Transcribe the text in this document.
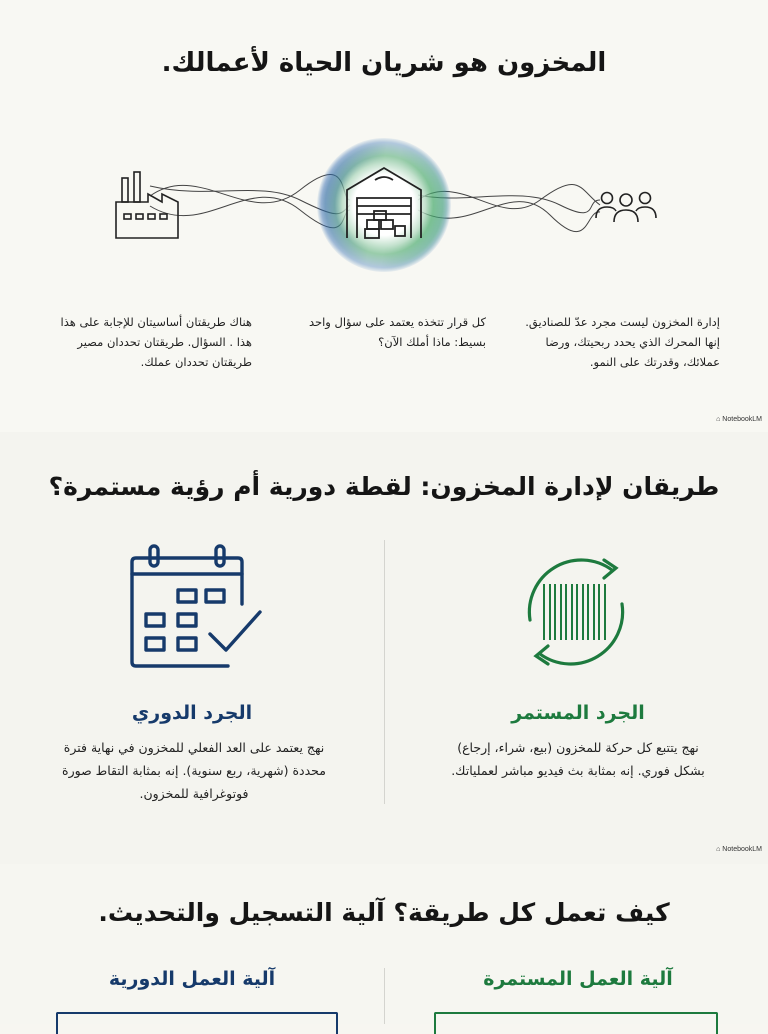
المخزون هو شريان الحياة لأعمالك.
إدارة المخزون ليست مجرد عدّ للصناديق. إنها المحرك الذي يحدد ربحيتك، ورضا عملائك، وقدرتك على النمو.
كل قرار تتخذه يعتمد على سؤال واحد بسيط: ماذا أملك الآن؟
هناك طريقتان أساسيتان للإجابة على هذا هذا . السؤال. طريقتان تحددان مصير طريقتان تحددان عملك.
⌂ NotebookLM
طريقان لإدارة المخزون: لقطة دورية أم رؤية مستمرة؟
الجرد المستمر
نهج يتتبع كل حركة للمخزون (بيع، شراء، إرجاع) بشكل فوري. إنه بمثابة بث فيديو مباشر لعملياتك.
الجرد الدوري
نهج يعتمد على العد الفعلي للمخزون في نهاية فترة محددة (شهرية، ربع سنوية). إنه بمثابة التقاط صورة فوتوغرافية للمخزون.
⌂ NotebookLM
كيف تعمل كل طريقة؟ آلية التسجيل والتحديث.
آلية العمل المستمرة
آلية العمل الدورية
